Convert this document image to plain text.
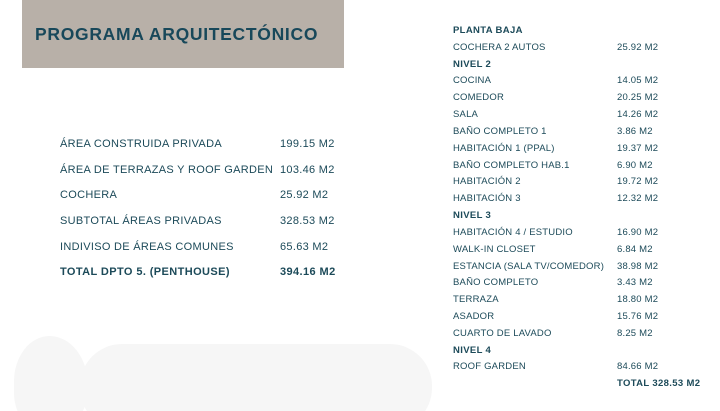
PROGRAMA ARQUITECTÓNICO
ÁREA CONSTRUIDA PRIVADA	199.15 M2
ÁREA DE TERRAZAS Y ROOF GARDEN 103.46 M2
COCHERA	25.92 M2
SUBTOTAL ÁREAS PRIVADAS	328.53 M2
INDIVISO DE ÁREAS COMUNES	65.63 M2
TOTAL DPTO 5. (PENTHOUSE)	394.16 M2
PLANTA BAJA
COCHERA 2 AUTOS	25.92 M2
NIVEL 2
COCINA	14.05 M2
COMEDOR	20.25 M2
SALA	14.26 M2
BAÑO COMPLETO 1	3.86 M2
HABITACIÓN 1 (PPAL)	19.37 M2
BAÑO COMPLETO HAB.1	6.90 M2
HABITACIÓN 2	19.72 M2
HABITACIÓN 3	12.32 M2
NIVEL 3
HABITACIÓN 4 / ESTUDIO	16.90 M2
WALK-IN CLOSET	6.84 M2
ESTANCIA (SALA TV/COMEDOR)	38.98 M2
BAÑO COMPLETO	3.43 M2
TERRAZA	18.80 M2
ASADOR	15.76 M2
CUARTO DE LAVADO	8.25 M2
NIVEL 4
ROOF GARDEN	84.66 M2
TOTAL 328.53 M2
